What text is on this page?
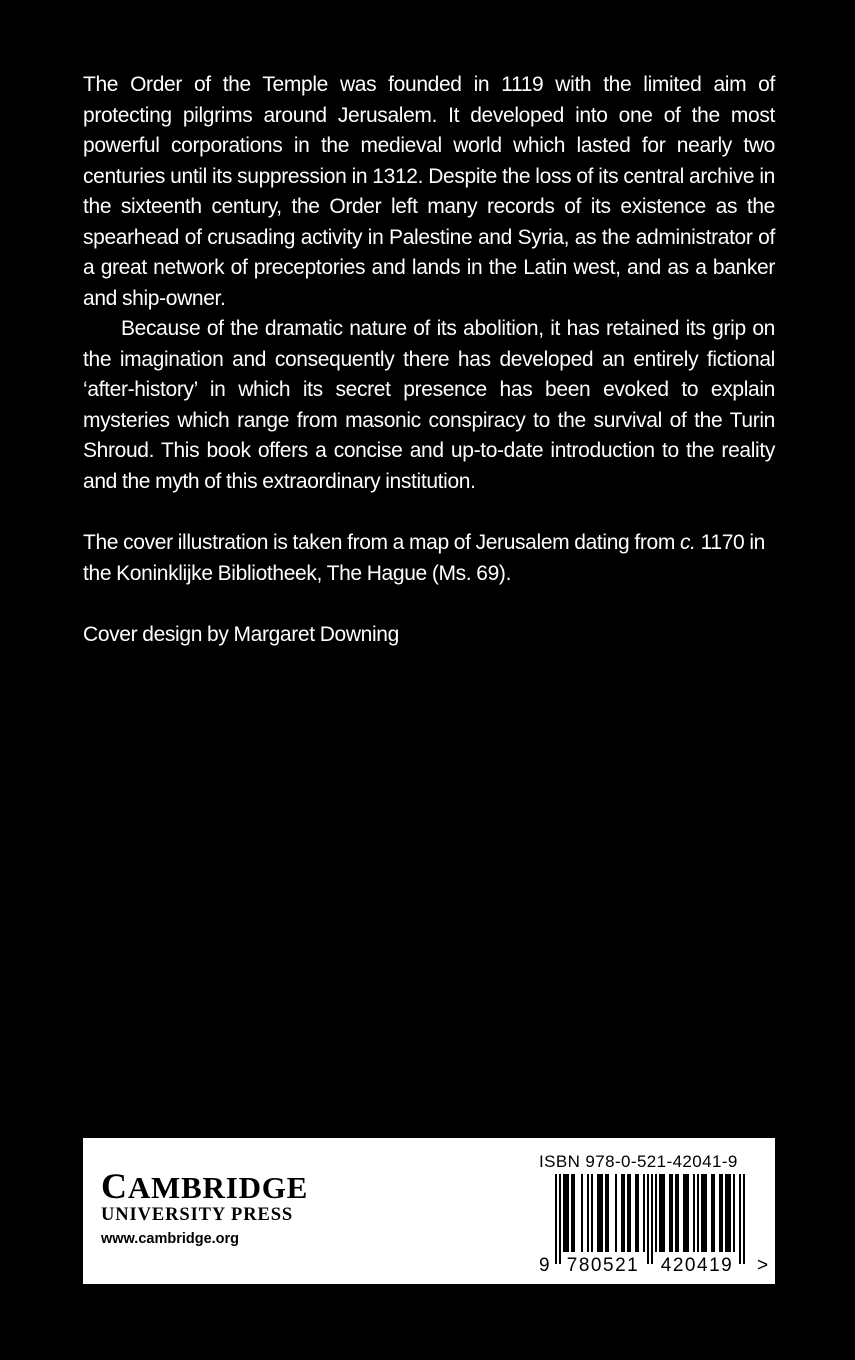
The Order of the Temple was founded in 1119 with the limited aim of protecting pilgrims around Jerusalem. It developed into one of the most powerful corporations in the medieval world which lasted for nearly two centuries until its suppression in 1312. Despite the loss of its central archive in the sixteenth century, the Order left many records of its existence as the spearhead of crusading activity in Palestine and Syria, as the administrator of a great network of preceptories and lands in the Latin west, and as a banker and ship-owner.

Because of the dramatic nature of its abolition, it has retained its grip on the imagination and consequently there has developed an entirely fictional ‘after-history’ in which its secret presence has been evoked to explain mysteries which range from masonic conspiracy to the survival of the Turin Shroud. This book offers a concise and up-to-date introduction to the reality and the myth of this extraordinary institution.

The cover illustration is taken from a map of Jerusalem dating from c. 1170 in the Koninklijke Bibliotheek, The Hague (Ms. 69).

Cover design by Margaret Downing

CAMBRIDGE
UNIVERSITY PRESS
www.cambridge.org
ISBN 978-0-521-42041-9
9 780521 420419 >
